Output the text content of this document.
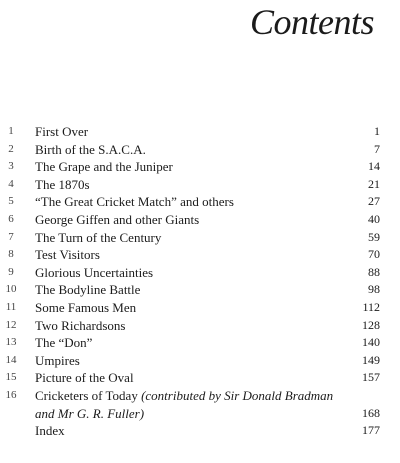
Contents
1	First Over	1
2	Birth of the S.A.C.A.	7
3	The Grape and the Juniper	14
4	The 1870s	21
5	“The Great Cricket Match” and others	27
6	George Giffen and other Giants	40
7	The Turn of the Century	59
8	Test Visitors	70
9	Glorious Uncertainties	88
10	The Bodyline Battle	98
11	Some Famous Men	112
12	Two Richardsons	128
13	The “Don”	140
14	Umpires	149
15	Picture of the Oval	157
16	Cricketers of Today (contributed by Sir Donald Bradman
and Mr G. R. Fuller)	168
Index	177
